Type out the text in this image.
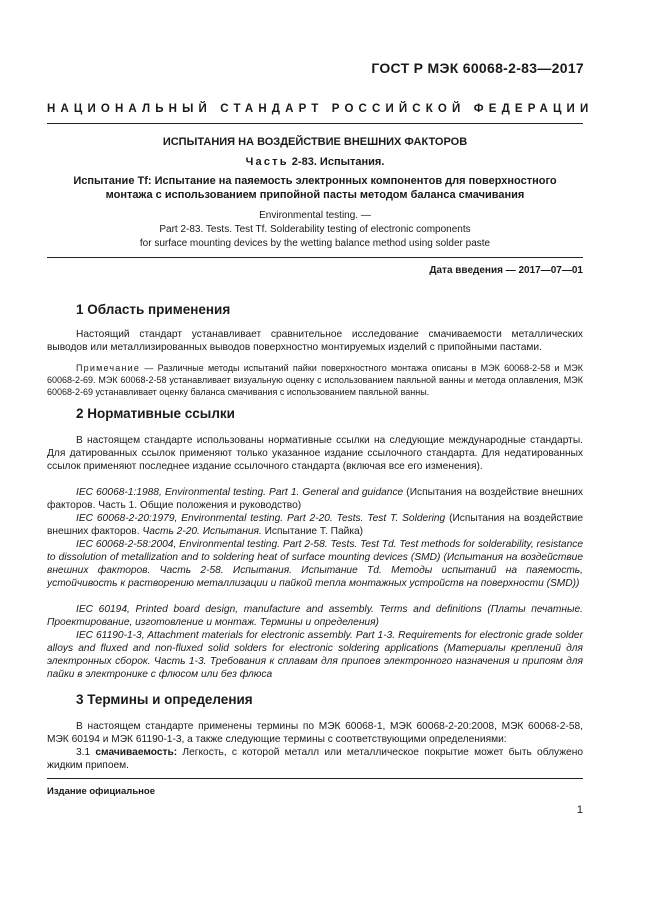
ГОСТ Р МЭК 60068-2-83—2017
НАЦИОНАЛЬНЫЙ СТАНДАРТ РОССИЙСКОЙ ФЕДЕРАЦИИ
ИСПЫТАНИЯ НА ВОЗДЕЙСТВИЕ ВНЕШНИХ ФАКТОРОВ
Часть 2-83. Испытания.
Испытание Tf: Испытание на паяемость электронных компонентов для поверхностного
монтажа с использованием припойной пасты методом баланса смачивания
Environmental testing. —
Part 2-83. Tests. Test Tf. Solderability testing of electronic components
for surface mounting devices by the wetting balance method using solder paste
Дата введения — 2017—07—01
1 Область применения

Настоящий стандарт устанавливает сравнительное исследование смачиваемости металлических выводов или металлизированных выводов поверхностно монтируемых изделий с припойными пастами.

Примечание — Различные методы испытаний пайки поверхностного монтажа описаны в МЭК 60068-2-58 и МЭК 60068-2-69. МЭК 60068-2-58 устанавливает визуальную оценку с использованием паяльной ванны и метода оплавления, МЭК 60068-2-69 устанавливает оценку баланса смачивания с использованием паяльной ванны.

2 Нормативные ссылки

В настоящем стандарте использованы нормативные ссылки на следующие международные стандарты. Для датированных ссылок применяют только указанное издание ссылочного стандарта. Для недатированных ссылок применяют последнее издание ссылочного стандарта (включая все его изменения).

IEC 60068-1:1988, Environmental testing. Part 1. General and guidance (Испытания на воздействие внешних факторов. Часть 1. Общие положения и руководство)

IEC 60068-2-20:1979, Environmental testing. Part 2-20. Tests. Test T. Soldering (Испытания на воздействие внешних факторов. Часть 2-20. Испытания. Испытание Т. Пайка)

IEC 60068-2-58:2004, Environmental testing. Part 2-58. Tests. Test Td. Test methods for solderability, resistance to dissolution of metallization and to soldering heat of surface mounting devices (SMD) (Испытания на воздействие внешних факторов. Часть 2-58. Испытания. Испытание Td. Методы испытаний на паяемость, устойчивость к растворению металлизации и пайкой тепла монтажных устройств на поверхности (SMD))

IEC 60194, Printed board design, manufacture and assembly. Terms and definitions (Платы печатные. Проектирование, изготовление и монтаж. Термины и определения)

IEC 61190-1-3, Attachment materials for electronic assembly. Part 1-3. Requirements for electronic grade solder alloys and fluxed and non-fluxed solid solders for electronic soldering applications (Материалы креплений для электронных сборок. Часть 1-3. Требования к сплавам для припоев электронного назначения и припоям для пайки в электронике с флюсом или без флюса

3 Термины и определения

В настоящем стандарте применены термины по МЭК 60068-1, МЭК 60068-2-20:2008, МЭК 60068-2-58, МЭК 60194 и МЭК 61190-1-3, а также следующие термины с соответствующими определениями:

3.1 смачиваемость: Легкость, с которой металл или металлическое покрытие может быть облужено жидким припоем.

Издание официальное
1
